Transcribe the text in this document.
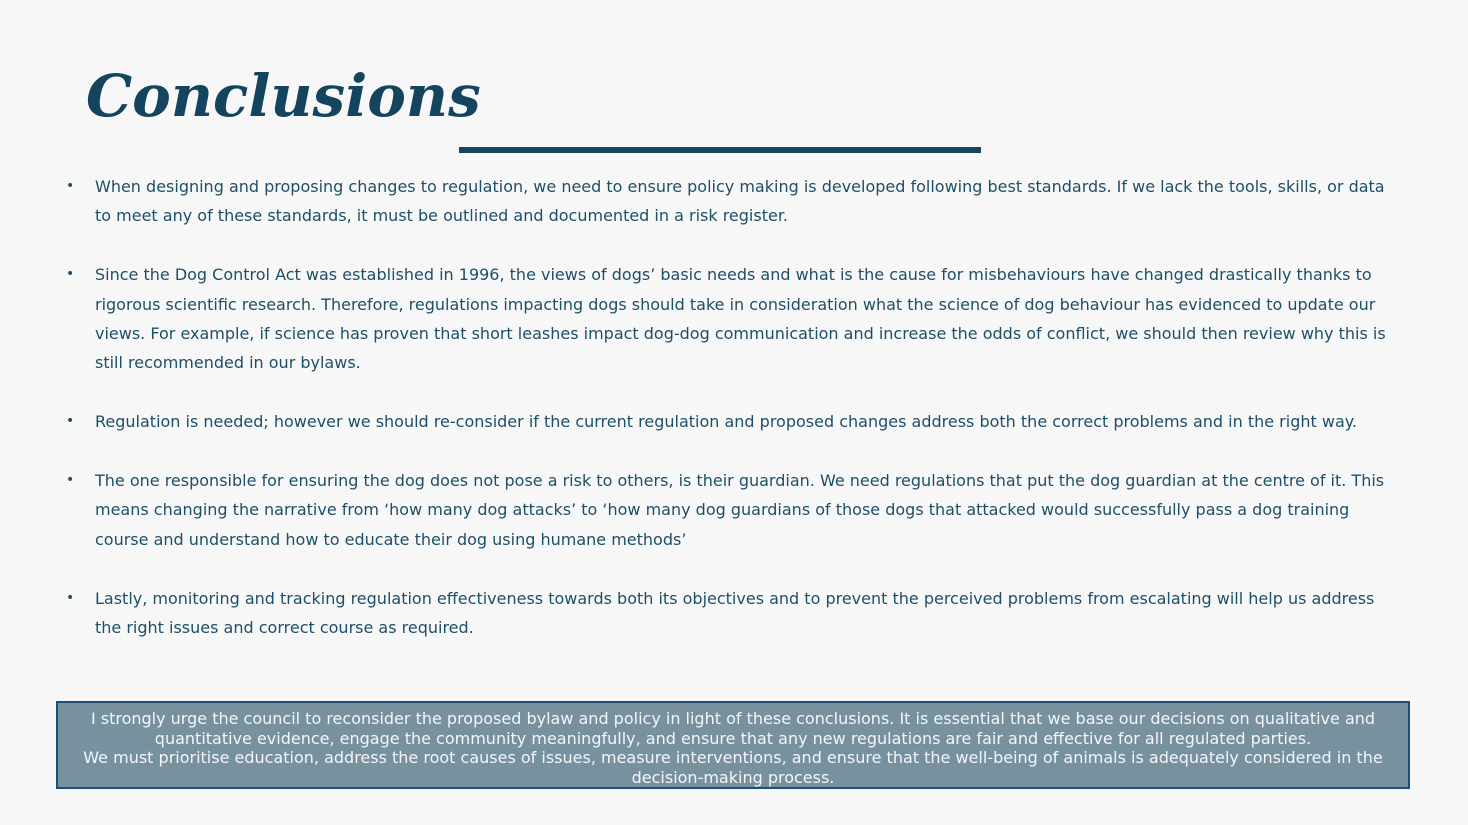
Conclusions
• When designing and proposing changes to regulation, we need to ensure policy making is developed following best standards. If we lack the tools, skills, or data to meet any of these standards, it must be outlined and documented in a risk register.
• Since the Dog Control Act was established in 1996, the views of dogs’ basic needs and what is the cause for misbehaviours have changed drastically thanks to rigorous scientific research. Therefore, regulations impacting dogs should take in consideration what the science of dog behaviour has evidenced to update our views. For example, if science has proven that short leashes impact dog-dog communication and increase the odds of conflict, we should then review why this is still recommended in our bylaws.
• Regulation is needed; however we should re-consider if the current regulation and proposed changes address both the correct problems and in the right way.
• The one responsible for ensuring the dog does not pose a risk to others, is their guardian. We need regulations that put the dog guardian at the centre of it. This means changing the narrative from ‘how many dog attacks’ to ‘how many dog guardians of those dogs that attacked would successfully pass a dog training course and understand how to educate their dog using humane methods’
• Lastly, monitoring and tracking regulation effectiveness towards both its objectives and to prevent the perceived problems from escalating will help us address the right issues and correct course as required.

I strongly urge the council to reconsider the proposed bylaw and policy in light of these conclusions. It is essential that we base our decisions on qualitative and quantitative evidence, engage the community meaningfully, and ensure that any new regulations are fair and effective for all regulated parties.

We must prioritise education, address the root causes of issues, measure interventions, and ensure that the well-being of animals is adequately considered in the decision-making process.
